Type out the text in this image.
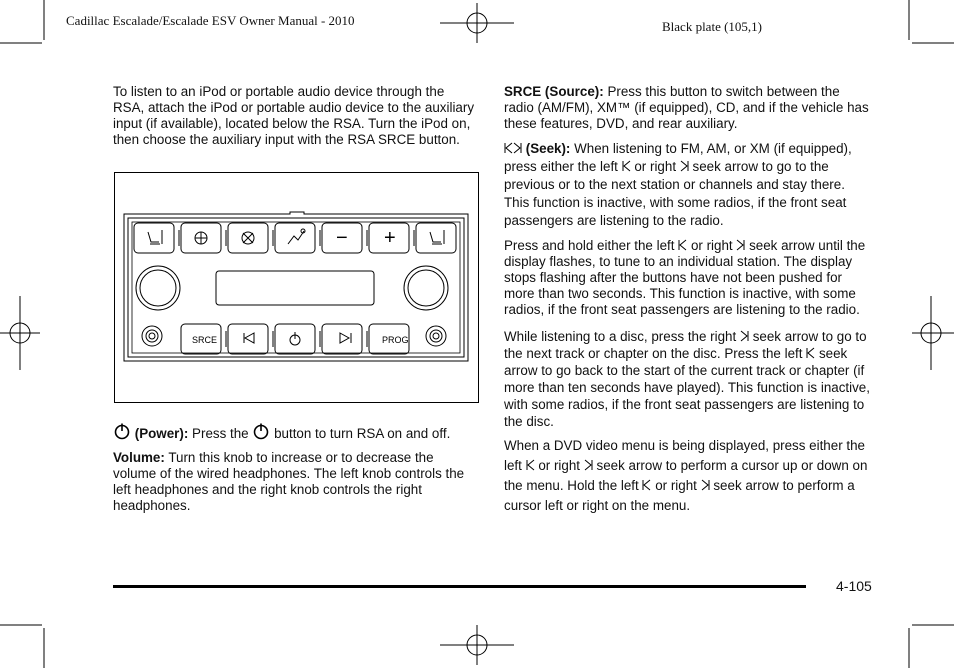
Cadillac Escalade/Escalade ESV Owner Manual - 2010	Black plate (105,1)

To listen to an iPod or portable audio device through the RSA, attach the iPod or portable audio device to the auxiliary input (if available), located below the RSA. Turn the iPod on, then choose the auxiliary input with the RSA SRCE button.

SRCE	PROG
− +

(Power): Press the button to turn RSA on and off.

Volume: Turn this knob to increase or to decrease the volume of the wired headphones. The left knob controls the left headphones and the right knob controls the right headphones.

SRCE (Source): Press this button to switch between the radio (AM/FM), XM™ (if equipped), CD, and if the vehicle has these features, DVD, and rear auxiliary.

(Seek): When listening to FM, AM, or XM (if equipped), press either the left or right seek arrow to go to the previous or to the next station or channels and stay there. This function is inactive, with some radios, if the front seat passengers are listening to the radio.

Press and hold either the left or right seek arrow until the display flashes, to tune to an individual station. The display stops flashing after the buttons have not been pushed for more than two seconds. This function is inactive, with some radios, if the front seat passengers are listening to the radio.

While listening to a disc, press the right seek arrow to go to the next track or chapter on the disc. Press the left seek arrow to go back to the start of the current track or chapter (if more than ten seconds have played). This function is inactive, with some radios, if the front seat passengers are listening to the disc.

When a DVD video menu is being displayed, press either the left or right seek arrow to perform a cursor up or down on the menu. Hold the left or right seek arrow to perform a cursor left or right on the menu.

4-105
